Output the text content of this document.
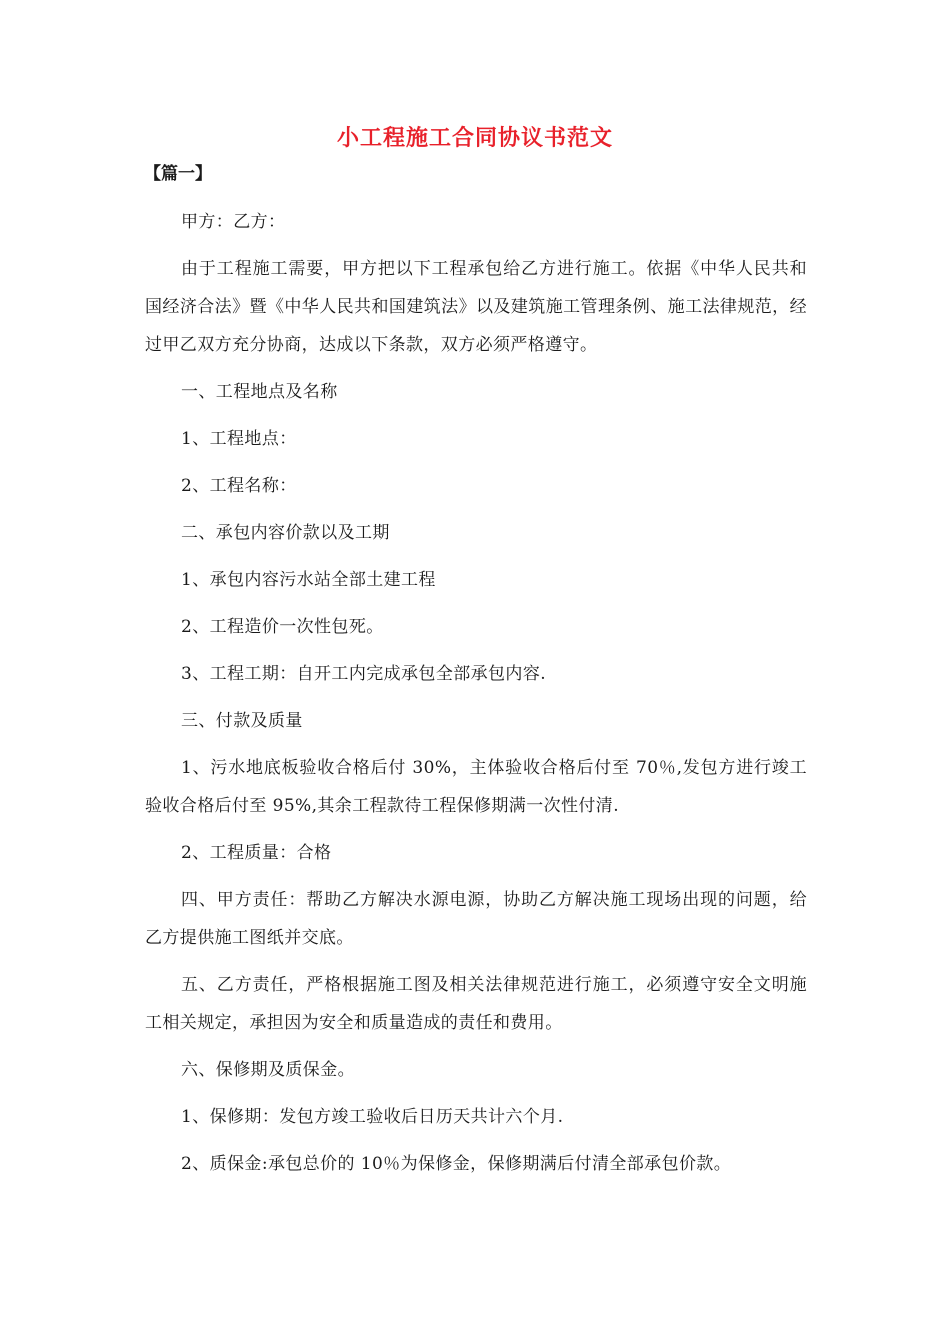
小工程施工合同协议书范文

【篇一】

甲方：乙方：

由于工程施工需要，甲方把以下工程承包给乙方进行施工。依据《中华人民共和国经济合法》暨《中华人民共和国建筑法》以及建筑施工管理条例、施工法律规范，经过甲乙双方充分协商，达成以下条款，双方必须严格遵守。

一、工程地点及名称

1、工程地点：

2、工程名称：

二、承包内容价款以及工期

1、承包内容污水站全部土建工程

2、工程造价一次性包死。

3、工程工期：自开工内完成承包全部承包内容.

三、付款及质量

1、污水地底板验收合格后付 30%，主体验收合格后付至 70％,发包方进行竣工验收合格后付至 95%,其余工程款待工程保修期满一次性付清.

2、工程质量：合格

四、甲方责任：帮助乙方解决水源电源，协助乙方解决施工现场出现的问题，给乙方提供施工图纸并交底。

五、乙方责任，严格根据施工图及相关法律规范进行施工，必须遵守安全文明施工相关规定，承担因为安全和质量造成的责任和费用。

六、保修期及质保金。

1、保修期：发包方竣工验收后日历天共计六个月.

2、质保金:承包总价的 10％为保修金，保修期满后付清全部承包价款。
